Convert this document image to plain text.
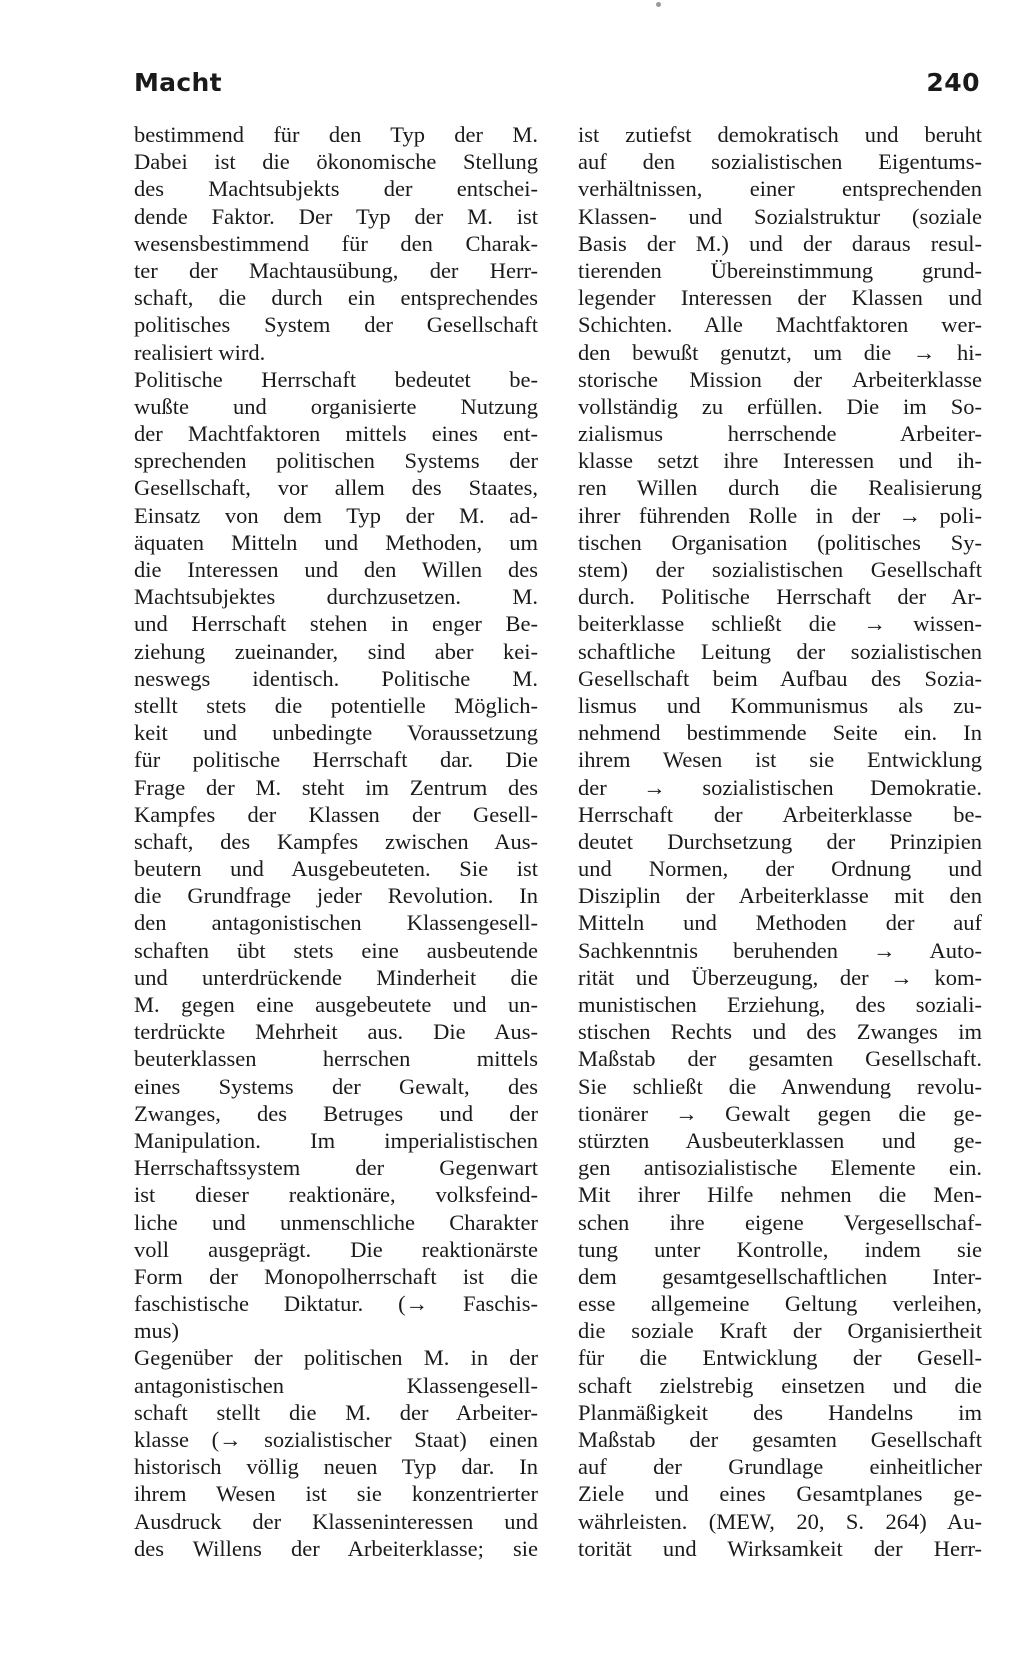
Macht	240
bestimmend für den Typ der M.
Dabei ist die ökonomische Stellung
des Machtsubjekts der entschei-
dende Faktor. Der Typ der M. ist
wesensbestimmend für den Charak-
ter der Machtausübung, der Herr-
schaft, die durch ein entsprechendes
politisches System der Gesellschaft
realisiert wird.
Politische Herrschaft bedeutet be-
wußte und organisierte Nutzung
der Machtfaktoren mittels eines ent-
sprechenden politischen Systems der
Gesellschaft, vor allem des Staates,
Einsatz von dem Typ der M. ad-
äquaten Mitteln und Methoden, um
die Interessen und den Willen des
Machtsubjektes durchzusetzen. M.
und Herrschaft stehen in enger Be-
ziehung zueinander, sind aber kei-
neswegs identisch. Politische M.
stellt stets die potentielle Möglich-
keit und unbedingte Voraussetzung
für politische Herrschaft dar. Die
Frage der M. steht im Zentrum des
Kampfes der Klassen der Gesell-
schaft, des Kampfes zwischen Aus-
beutern und Ausgebeuteten. Sie ist
die Grundfrage jeder Revolution. In
den antagonistischen Klassengesell-
schaften übt stets eine ausbeutende
und unterdrückende Minderheit die
M. gegen eine ausgebeutete und un-
terdrückte Mehrheit aus. Die Aus-
beuterklassen herrschen mittels
eines Systems der Gewalt, des
Zwanges, des Betruges und der
Manipulation. Im imperialistischen
Herrschaftssystem der Gegenwart
ist dieser reaktionäre, volksfeind-
liche und unmenschliche Charakter
voll ausgeprägt. Die reaktionärste
Form der Monopolherrschaft ist die
faschistische Diktatur. (→ Faschis-
mus)
Gegenüber der politischen M. in der
antagonistischen Klassengesell-
schaft stellt die M. der Arbeiter-
klasse (→ sozialistischer Staat) einen
historisch völlig neuen Typ dar. In
ihrem Wesen ist sie konzentrierter
Ausdruck der Klasseninteressen und
des Willens der Arbeiterklasse; sie
ist zutiefst demokratisch und beruht
auf den sozialistischen Eigentums-
verhältnissen, einer entsprechenden
Klassen- und Sozialstruktur (soziale
Basis der M.) und der daraus resul-
tierenden Übereinstimmung grund-
legender Interessen der Klassen und
Schichten. Alle Machtfaktoren wer-
den bewußt genutzt, um die → hi-
storische Mission der Arbeiterklasse
vollständig zu erfüllen. Die im So-
zialismus herrschende Arbeiter-
klasse setzt ihre Interessen und ih-
ren Willen durch die Realisierung
ihrer führenden Rolle in der → poli-
tischen Organisation (politisches Sy-
stem) der sozialistischen Gesellschaft
durch. Politische Herrschaft der Ar-
beiterklasse schließt die → wissen-
schaftliche Leitung der sozialistischen
Gesellschaft beim Aufbau des Sozia-
lismus und Kommunismus als zu-
nehmend bestimmende Seite ein. In
ihrem Wesen ist sie Entwicklung
der → sozialistischen Demokratie.
Herrschaft der Arbeiterklasse be-
deutet Durchsetzung der Prinzipien
und Normen, der Ordnung und
Disziplin der Arbeiterklasse mit den
Mitteln und Methoden der auf
Sachkenntnis beruhenden → Auto-
rität und Überzeugung, der → kom-
munistischen Erziehung, des soziali-
stischen Rechts und des Zwanges im
Maßstab der gesamten Gesellschaft.
Sie schließt die Anwendung revolu-
tionärer → Gewalt gegen die ge-
stürzten Ausbeuterklassen und ge-
gen antisozialistische Elemente ein.
Mit ihrer Hilfe nehmen die Men-
schen ihre eigene Vergesellschaf-
tung unter Kontrolle, indem sie
dem gesamtgesellschaftlichen Inter-
esse allgemeine Geltung verleihen,
die soziale Kraft der Organisiertheit
für die Entwicklung der Gesell-
schaft zielstrebig einsetzen und die
Planmäßigkeit des Handelns im
Maßstab der gesamten Gesellschaft
auf der Grundlage einheitlicher
Ziele und eines Gesamtplanes ge-
währleisten. (MEW, 20, S. 264) Au-
torität und Wirksamkeit der Herr-
